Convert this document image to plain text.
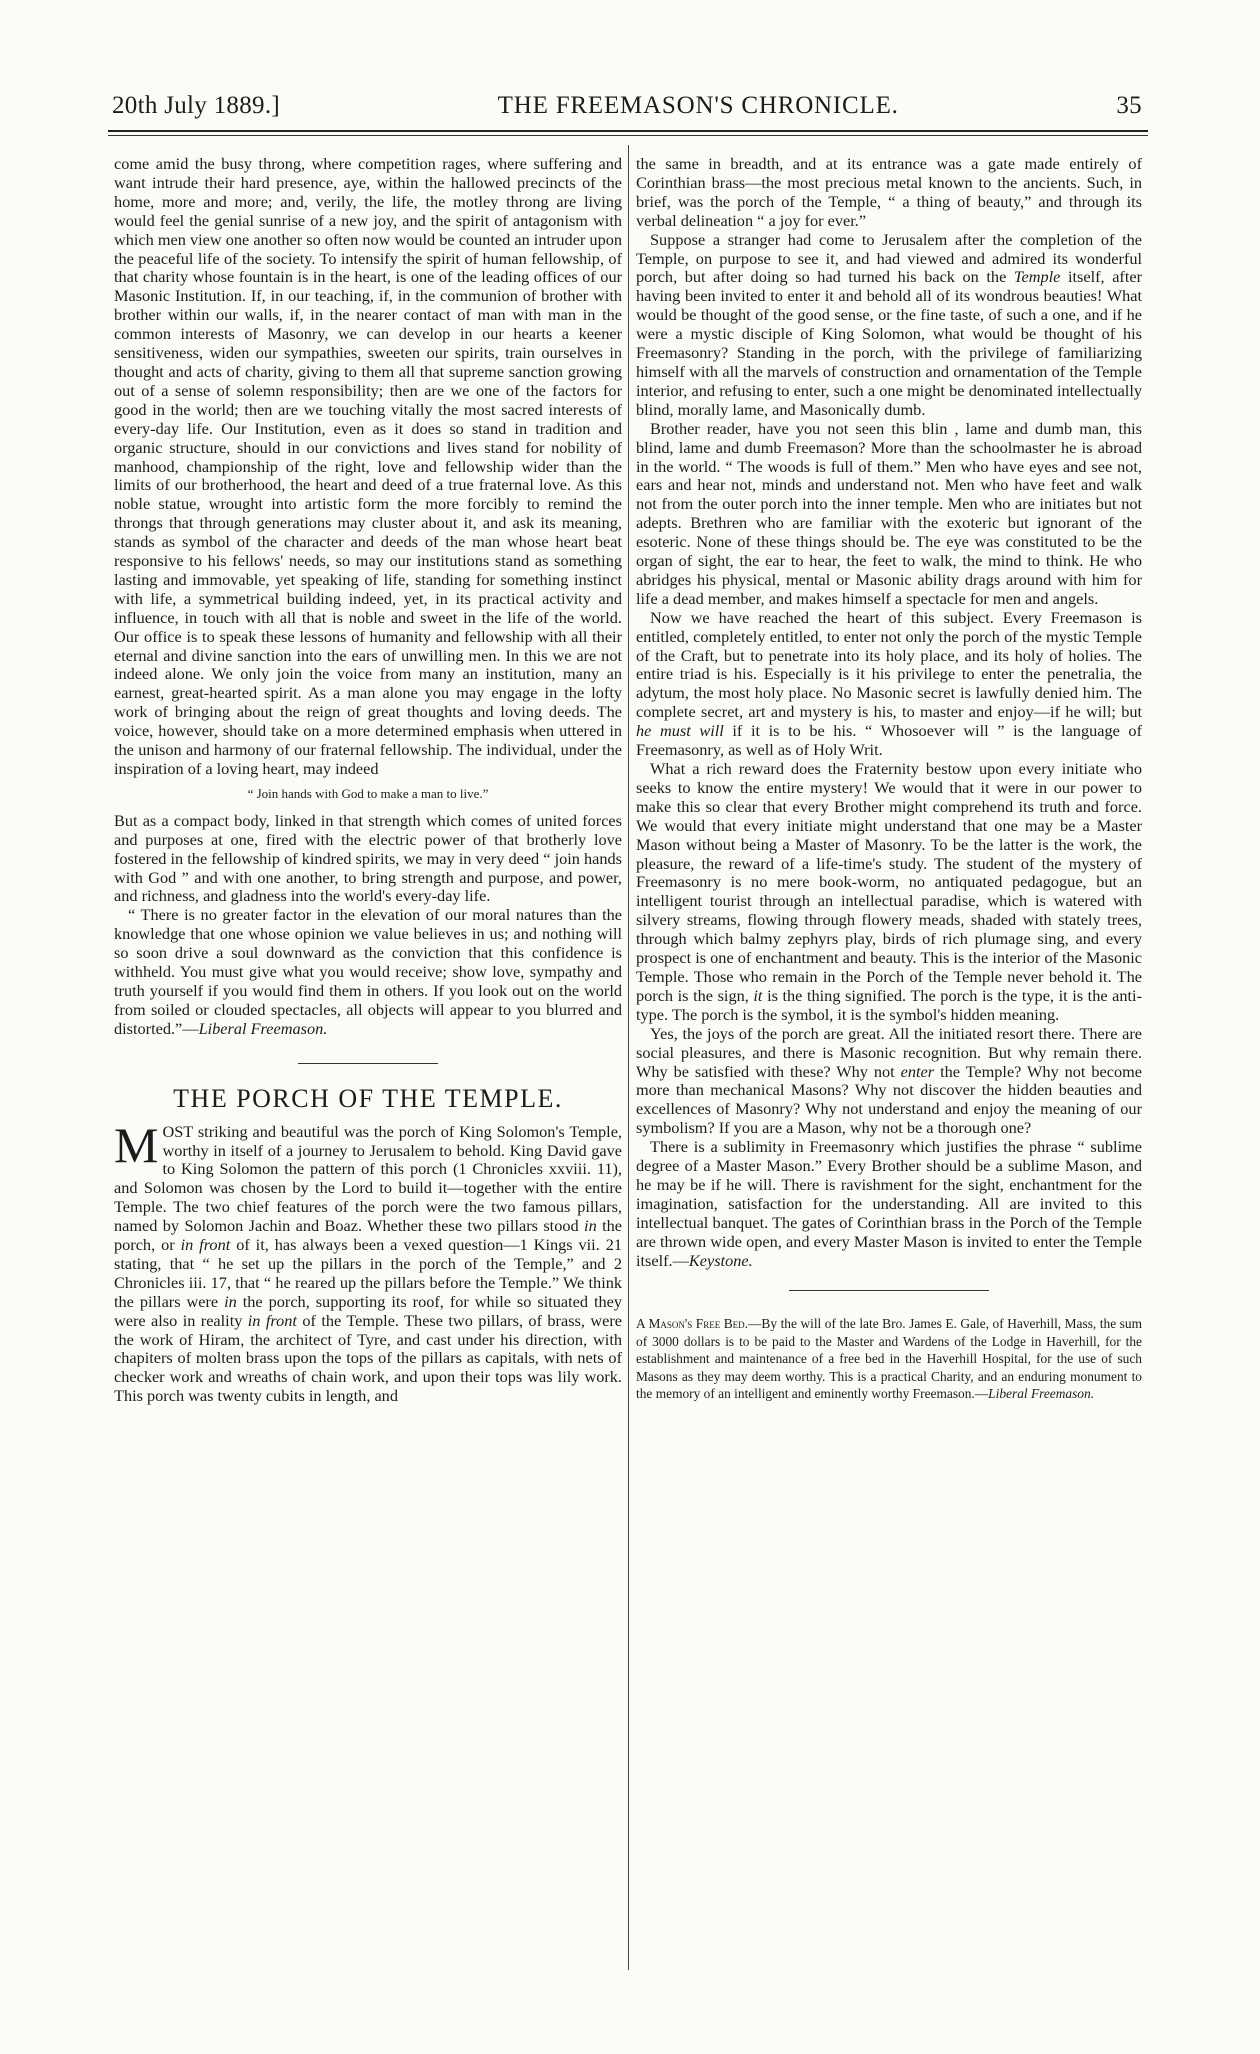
20th July 1889.]	THE FREEMASON'S CHRONICLE.	35

come amid the busy throng, where competition rages, where suffering and want intrude their hard presence, aye, within the hallowed precincts of the home, more and more; and, verily, the life, the motley throng are living would feel the genial sunrise of a new joy, and the spirit of antagonism with which men view one another so often now would be counted an intruder upon the peaceful life of the society. To intensify the spirit of human fellowship, of that charity whose fountain is in the heart, is one of the leading offices of our Masonic Institution. If, in our teaching, if, in the communion of brother with brother within our walls, if, in the nearer contact of man with man in the common interests of Masonry, we can develop in our hearts a keener sensitiveness, widen our sympathies, sweeten our spirits, train ourselves in thought and acts of charity, giving to them all that supreme sanction growing out of a sense of solemn responsibility; then are we one of the factors for good in the world; then are we touching vitally the most sacred interests of every-day life. Our Institution, even as it does so stand in tradition and organic structure, should in our convictions and lives stand for nobility of manhood, championship of the right, love and fellowship wider than the limits of our brotherhood, the heart and deed of a true fraternal love. As this noble statue, wrought into artistic form the more forcibly to remind the throngs that through generations may cluster about it, and ask its meaning, stands as symbol of the character and deeds of the man whose heart beat responsive to his fellows' needs, so may our institutions stand as something lasting and immovable, yet speaking of life, standing for something instinct with life, a symmetrical building indeed, yet, in its practical activity and influence, in touch with all that is noble and sweet in the life of the world. Our office is to speak these lessons of humanity and fellowship with all their eternal and divine sanction into the ears of unwilling men. In this we are not indeed alone. We only join the voice from many an institution, many an earnest, great-hearted spirit. As a man alone you may engage in the lofty work of bringing about the reign of great thoughts and loving deeds. The voice, however, should take on a more determined emphasis when uttered in the unison and harmony of our fraternal fellowship. The individual, under the inspiration of a loving heart, may indeed

“ Join hands with God to make a man to live.”

But as a compact body, linked in that strength which comes of united forces and purposes at one, fired with the electric power of that brotherly love fostered in the fellowship of kindred spirits, we may in very deed “ join hands with God ” and with one another, to bring strength and purpose, and power, and richness, and gladness into the world's every-day life.

“ There is no greater factor in the elevation of our moral natures than the knowledge that one whose opinion we value believes in us; and nothing will so soon drive a soul downward as the conviction that this confidence is withheld. You must give what you would receive; show love, sympathy and truth yourself if you would find them in others. If you look out on the world from soiled or clouded spectacles, all objects will appear to you blurred and distorted.”—Liberal Freemason.

THE PORCH OF THE TEMPLE.

MOST striking and beautiful was the porch of King Solomon's Temple, worthy in itself of a journey to Jerusalem to behold. King David gave to King Solomon the pattern of this porch (1 Chronicles xxviii. 11), and Solomon was chosen by the Lord to build it—together with the entire Temple. The two chief features of the porch were the two famous pillars, named by Solomon Jachin and Boaz. Whether these two pillars stood in the porch, or in front of it, has always been a vexed question—1 Kings vii. 21 stating, that “ he set up the pillars in the porch of the Temple,” and 2 Chronicles iii. 17, that “ he reared up the pillars before the Temple.” We think the pillars were in the porch, supporting its roof, for while so situated they were also in reality in front of the Temple. These two pillars, of brass, were the work of Hiram, the architect of Tyre, and cast under his direction, with chapiters of molten brass upon the tops of the pillars as capitals, with nets of checker work and wreaths of chain work, and upon their tops was lily work. This porch was twenty cubits in length, and

the same in breadth, and at its entrance was a gate made entirely of Corinthian brass—the most precious metal known to the ancients. Such, in brief, was the porch of the Temple, “ a thing of beauty,” and through its verbal delineation “ a joy for ever.”

Suppose a stranger had come to Jerusalem after the completion of the Temple, on purpose to see it, and had viewed and admired its wonderful porch, but after doing so had turned his back on the Temple itself, after having been invited to enter it and behold all of its wondrous beauties! What would be thought of the good sense, or the fine taste, of such a one, and if he were a mystic disciple of King Solomon, what would be thought of his Freemasonry? Standing in the porch, with the privilege of familiarizing himself with all the marvels of construction and ornamentation of the Temple interior, and refusing to enter, such a one might be denominated intellectually blind, morally lame, and Masonically dumb.

Brother reader, have you not seen this blin , lame and dumb man, this blind, lame and dumb Freemason? More than the schoolmaster he is abroad in the world. “ The woods is full of them.” Men who have eyes and see not, ears and hear not, minds and understand not. Men who have feet and walk not from the outer porch into the inner temple. Men who are initiates but not adepts. Brethren who are familiar with the exoteric but ignorant of the esoteric. None of these things should be. The eye was constituted to be the organ of sight, the ear to hear, the feet to walk, the mind to think. He who abridges his physical, mental or Masonic ability drags around with him for life a dead member, and makes himself a spectacle for men and angels.

Now we have reached the heart of this subject. Every Freemason is entitled, completely entitled, to enter not only the porch of the mystic Temple of the Craft, but to penetrate into its holy place, and its holy of holies. The entire triad is his. Especially is it his privilege to enter the penetralia, the adytum, the most holy place. No Masonic secret is lawfully denied him. The complete secret, art and mystery is his, to master and enjoy—if he will; but he must will if it is to be his. “ Whosoever will ” is the language of Freemasonry, as well as of Holy Writ.

What a rich reward does the Fraternity bestow upon every initiate who seeks to know the entire mystery! We would that it were in our power to make this so clear that every Brother might comprehend its truth and force. We would that every initiate might understand that one may be a Master Mason without being a Master of Masonry. To be the latter is the work, the pleasure, the reward of a life-time's study. The student of the mystery of Freemasonry is no mere book-worm, no antiquated pedagogue, but an intelligent tourist through an intellectual paradise, which is watered with silvery streams, flowing through flowery meads, shaded with stately trees, through which balmy zephyrs play, birds of rich plumage sing, and every prospect is one of enchantment and beauty. This is the interior of the Masonic Temple. Those who remain in the Porch of the Temple never behold it. The porch is the sign, it is the thing signified. The porch is the type, it is the anti-type. The porch is the symbol, it is the symbol's hidden meaning.

Yes, the joys of the porch are great. All the initiated resort there. There are social pleasures, and there is Masonic recognition. But why remain there. Why be satisfied with these? Why not enter the Temple? Why not become more than mechanical Masons? Why not discover the hidden beauties and excellences of Masonry? Why not understand and enjoy the meaning of our symbolism? If you are a Mason, why not be a thorough one?

There is a sublimity in Freemasonry which justifies the phrase “ sublime degree of a Master Mason.” Every Brother should be a sublime Mason, and he may be if he will. There is ravishment for the sight, enchantment for the imagination, satisfaction for the understanding. All are invited to this intellectual banquet. The gates of Corinthian brass in the Porch of the Temple are thrown wide open, and every Master Mason is invited to enter the Temple itself.—Keystone.

A Mason's Free Bed.—By the will of the late Bro. James E. Gale, of Haverhill, Mass, the sum of 3000 dollars is to be paid to the Master and Wardens of the Lodge in Haverhill, for the establishment and maintenance of a free bed in the Haverhill Hospital, for the use of such Masons as they may deem worthy. This is a practical Charity, and an enduring monument to the memory of an intelligent and eminently worthy Freemason.—Liberal Freemason.
